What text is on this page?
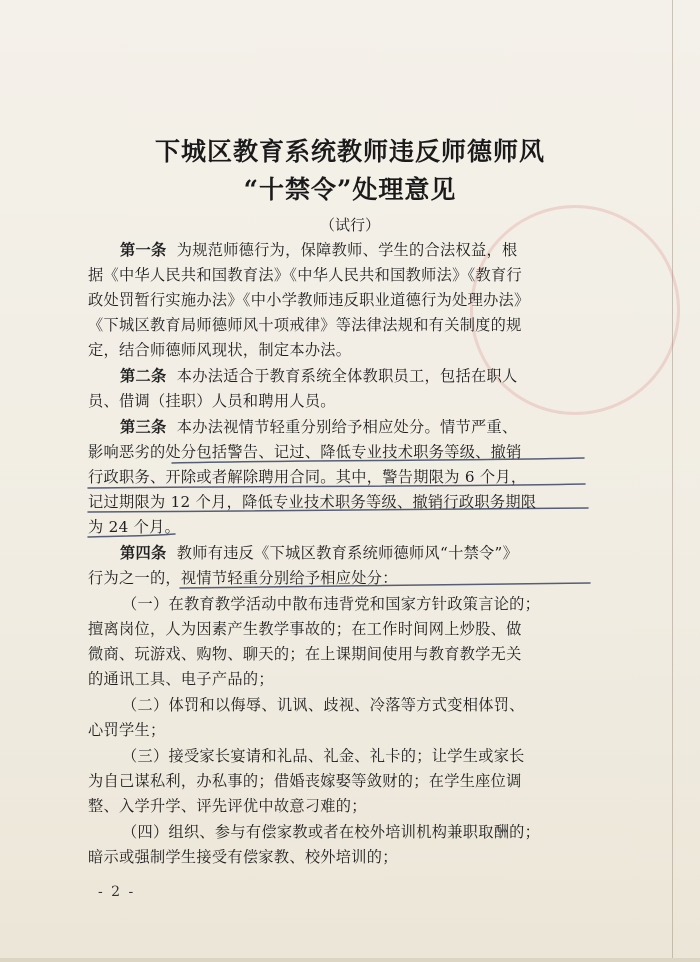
下城区教育系统教师违反师德师风
“十禁令”处理意见
（试行）
第一条 为规范师德行为，保障教师、学生的合法权益，根
据《中华人民共和国教育法》《中华人民共和国教师法》《教育行
政处罚暂行实施办法》《中小学教师违反职业道德行为处理办法》
《下城区教育局师德师风十项戒律》等法律法规和有关制度的规
定，结合师德师风现状，制定本办法。
第二条 本办法适合于教育系统全体教职员工，包括在职人
员、借调（挂职）人员和聘用人员。
第三条 本办法视情节轻重分别给予相应处分。情节严重、
影响恶劣的处分包括警告、记过、降低专业技术职务等级、撤销
行政职务、开除或者解除聘用合同。其中，警告期限为 6 个月，
记过期限为 12 个月，降低专业技术职务等级、撤销行政职务期限
为 24 个月。
第四条 教师有违反《下城区教育系统师德师风“十禁令”》
行为之一的，视情节轻重分别给予相应处分：
（一）在教育教学活动中散布违背党和国家方针政策言论的；
擅离岗位，人为因素产生教学事故的；在工作时间网上炒股、做
微商、玩游戏、购物、聊天的；在上课期间使用与教育教学无关
的通讯工具、电子产品的；
（二）体罚和以侮辱、讥讽、歧视、冷落等方式变相体罚、
心罚学生；
（三）接受家长宴请和礼品、礼金、礼卡的；让学生或家长
为自己谋私利，办私事的；借婚丧嫁娶等敛财的；在学生座位调
整、入学升学、评先评优中故意刁难的；
（四）组织、参与有偿家教或者在校外培训机构兼职取酬的；
暗示或强制学生接受有偿家教、校外培训的；
- 2 -
